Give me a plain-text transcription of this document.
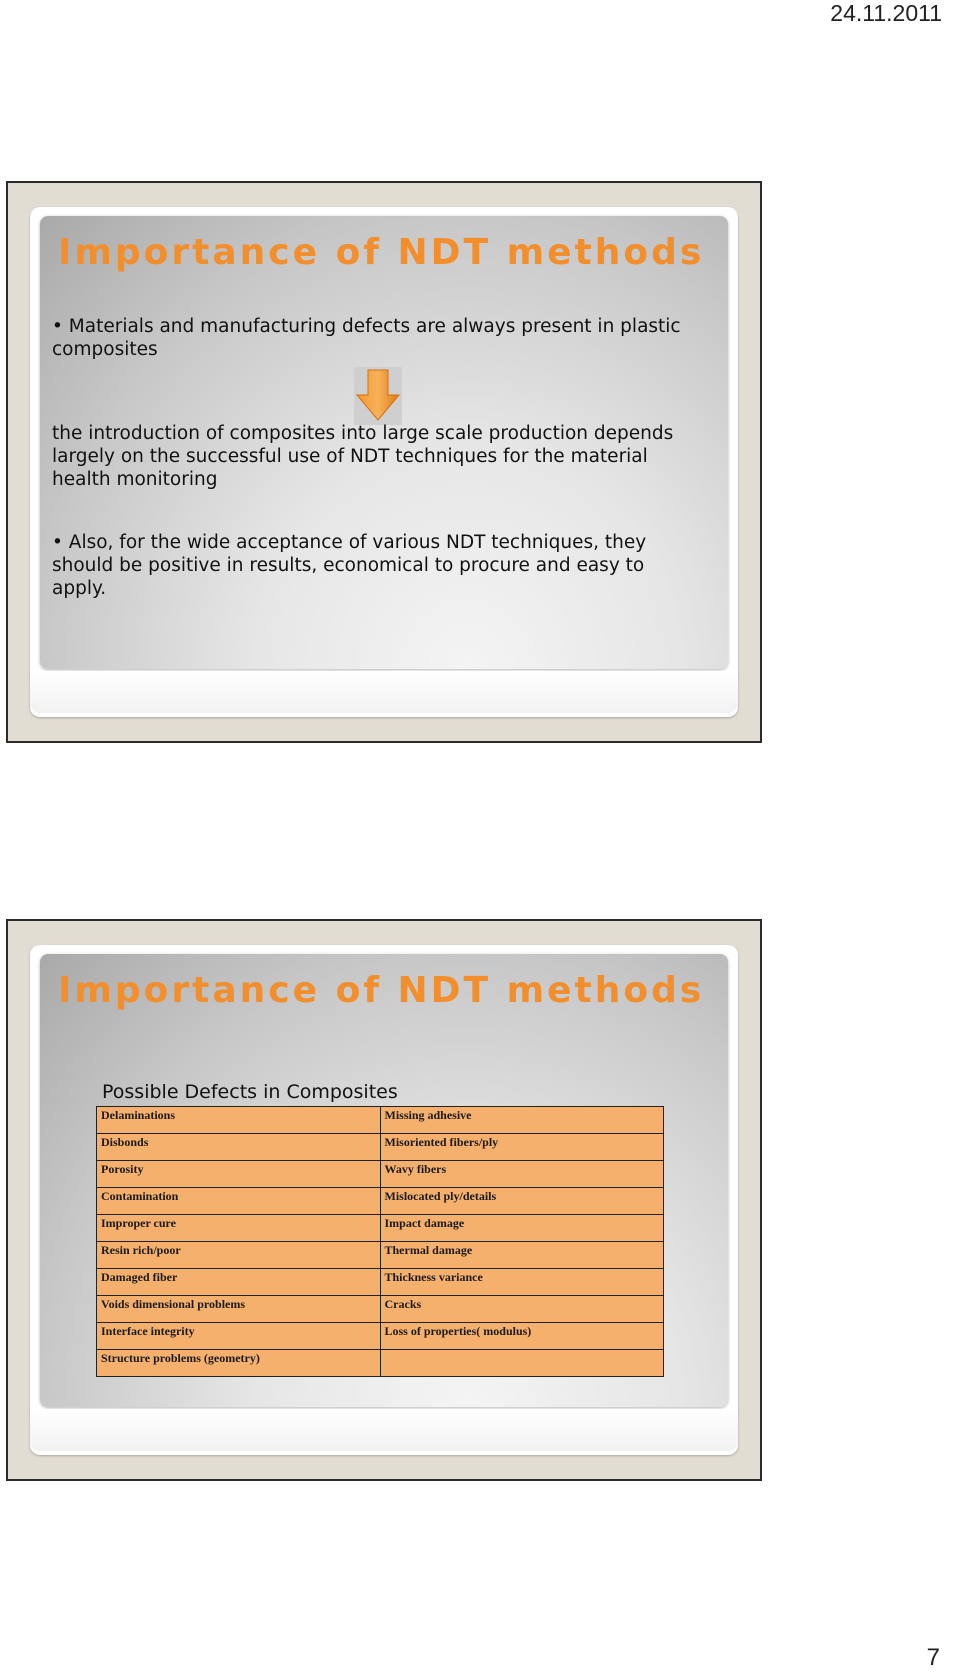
24.11.2011
Importance of NDT methods
• Materials and manufacturing defects are always present in plastic composites
the introduction of composites into large scale production depends largely on the successful use of NDT techniques for the material health monitoring
• Also, for the wide acceptance of various NDT techniques, they should be positive in results, economical to procure and easy to apply.
Importance of NDT methods
Possible Defects in Composites
Delaminations	Missing adhesive
Disbonds	Misoriented fibers/ply
Porosity	Wavy fibers
Contamination	Mislocated ply/details
Improper cure	Impact damage
Resin rich/poor	Thermal damage
Damaged fiber	Thickness variance
Voids dimensional problems	Cracks
Interface integrity	Loss of properties( modulus)
Structure problems (geometry)	
7
